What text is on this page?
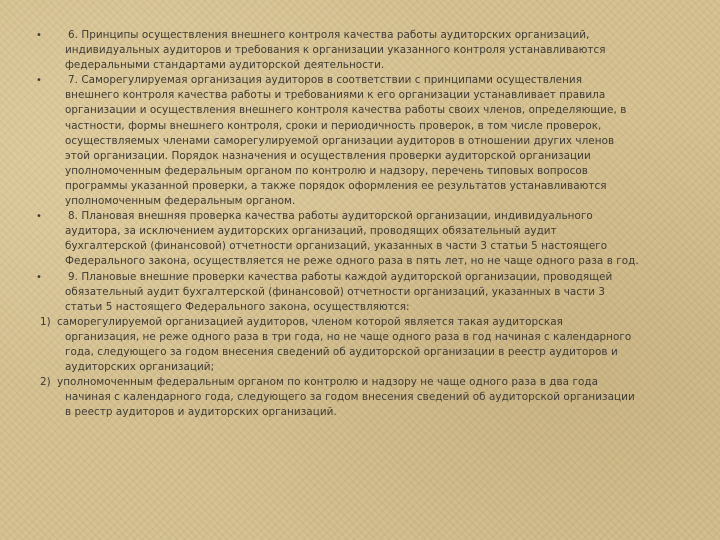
•	6. Принципы осуществления внешнего контроля качества работы аудиторских организаций,
индивидуальных аудиторов и требования к организации указанного контроля устанавливаются
федеральными стандартами аудиторской деятельности.
•	7. Саморегулируемая организация аудиторов в соответствии с принципами осуществления
внешнего контроля качества работы и требованиями к его организации устанавливает правила
организации и осуществления внешнего контроля качества работы своих членов, определяющие, в
частности, формы внешнего контроля, сроки и периодичность проверок, в том числе проверок,
осуществляемых членами саморегулируемой организации аудиторов в отношении других членов
этой организации. Порядок назначения и осуществления проверки аудиторской организации
уполномоченным федеральным органом по контролю и надзору, перечень типовых вопросов
программы указанной проверки, а также порядок оформления ее результатов устанавливаются
уполномоченным федеральным органом.
•	8. Плановая внешняя проверка качества работы аудиторской организации, индивидуального
аудитора, за исключением аудиторских организаций, проводящих обязательный аудит
бухгалтерской (финансовой) отчетности организаций, указанных в части 3 статьи 5 настоящего
Федерального закона, осуществляется не реже одного раза в пять лет, но не чаще одного раза в год.
•	9. Плановые внешние проверки качества работы каждой аудиторской организации, проводящей
обязательный аудит бухгалтерской (финансовой) отчетности организаций, указанных в части 3
статьи 5 настоящего Федерального закона, осуществляются:
1) саморегулируемой организацией аудиторов, членом которой является такая аудиторская
организация, не реже одного раза в три года, но не чаще одного раза в год начиная с календарного
года, следующего за годом внесения сведений об аудиторской организации в реестр аудиторов и
аудиторских организаций;
2) уполномоченным федеральным органом по контролю и надзору не чаще одного раза в два года
начиная с календарного года, следующего за годом внесения сведений об аудиторской организации
в реестр аудиторов и аудиторских организаций.
